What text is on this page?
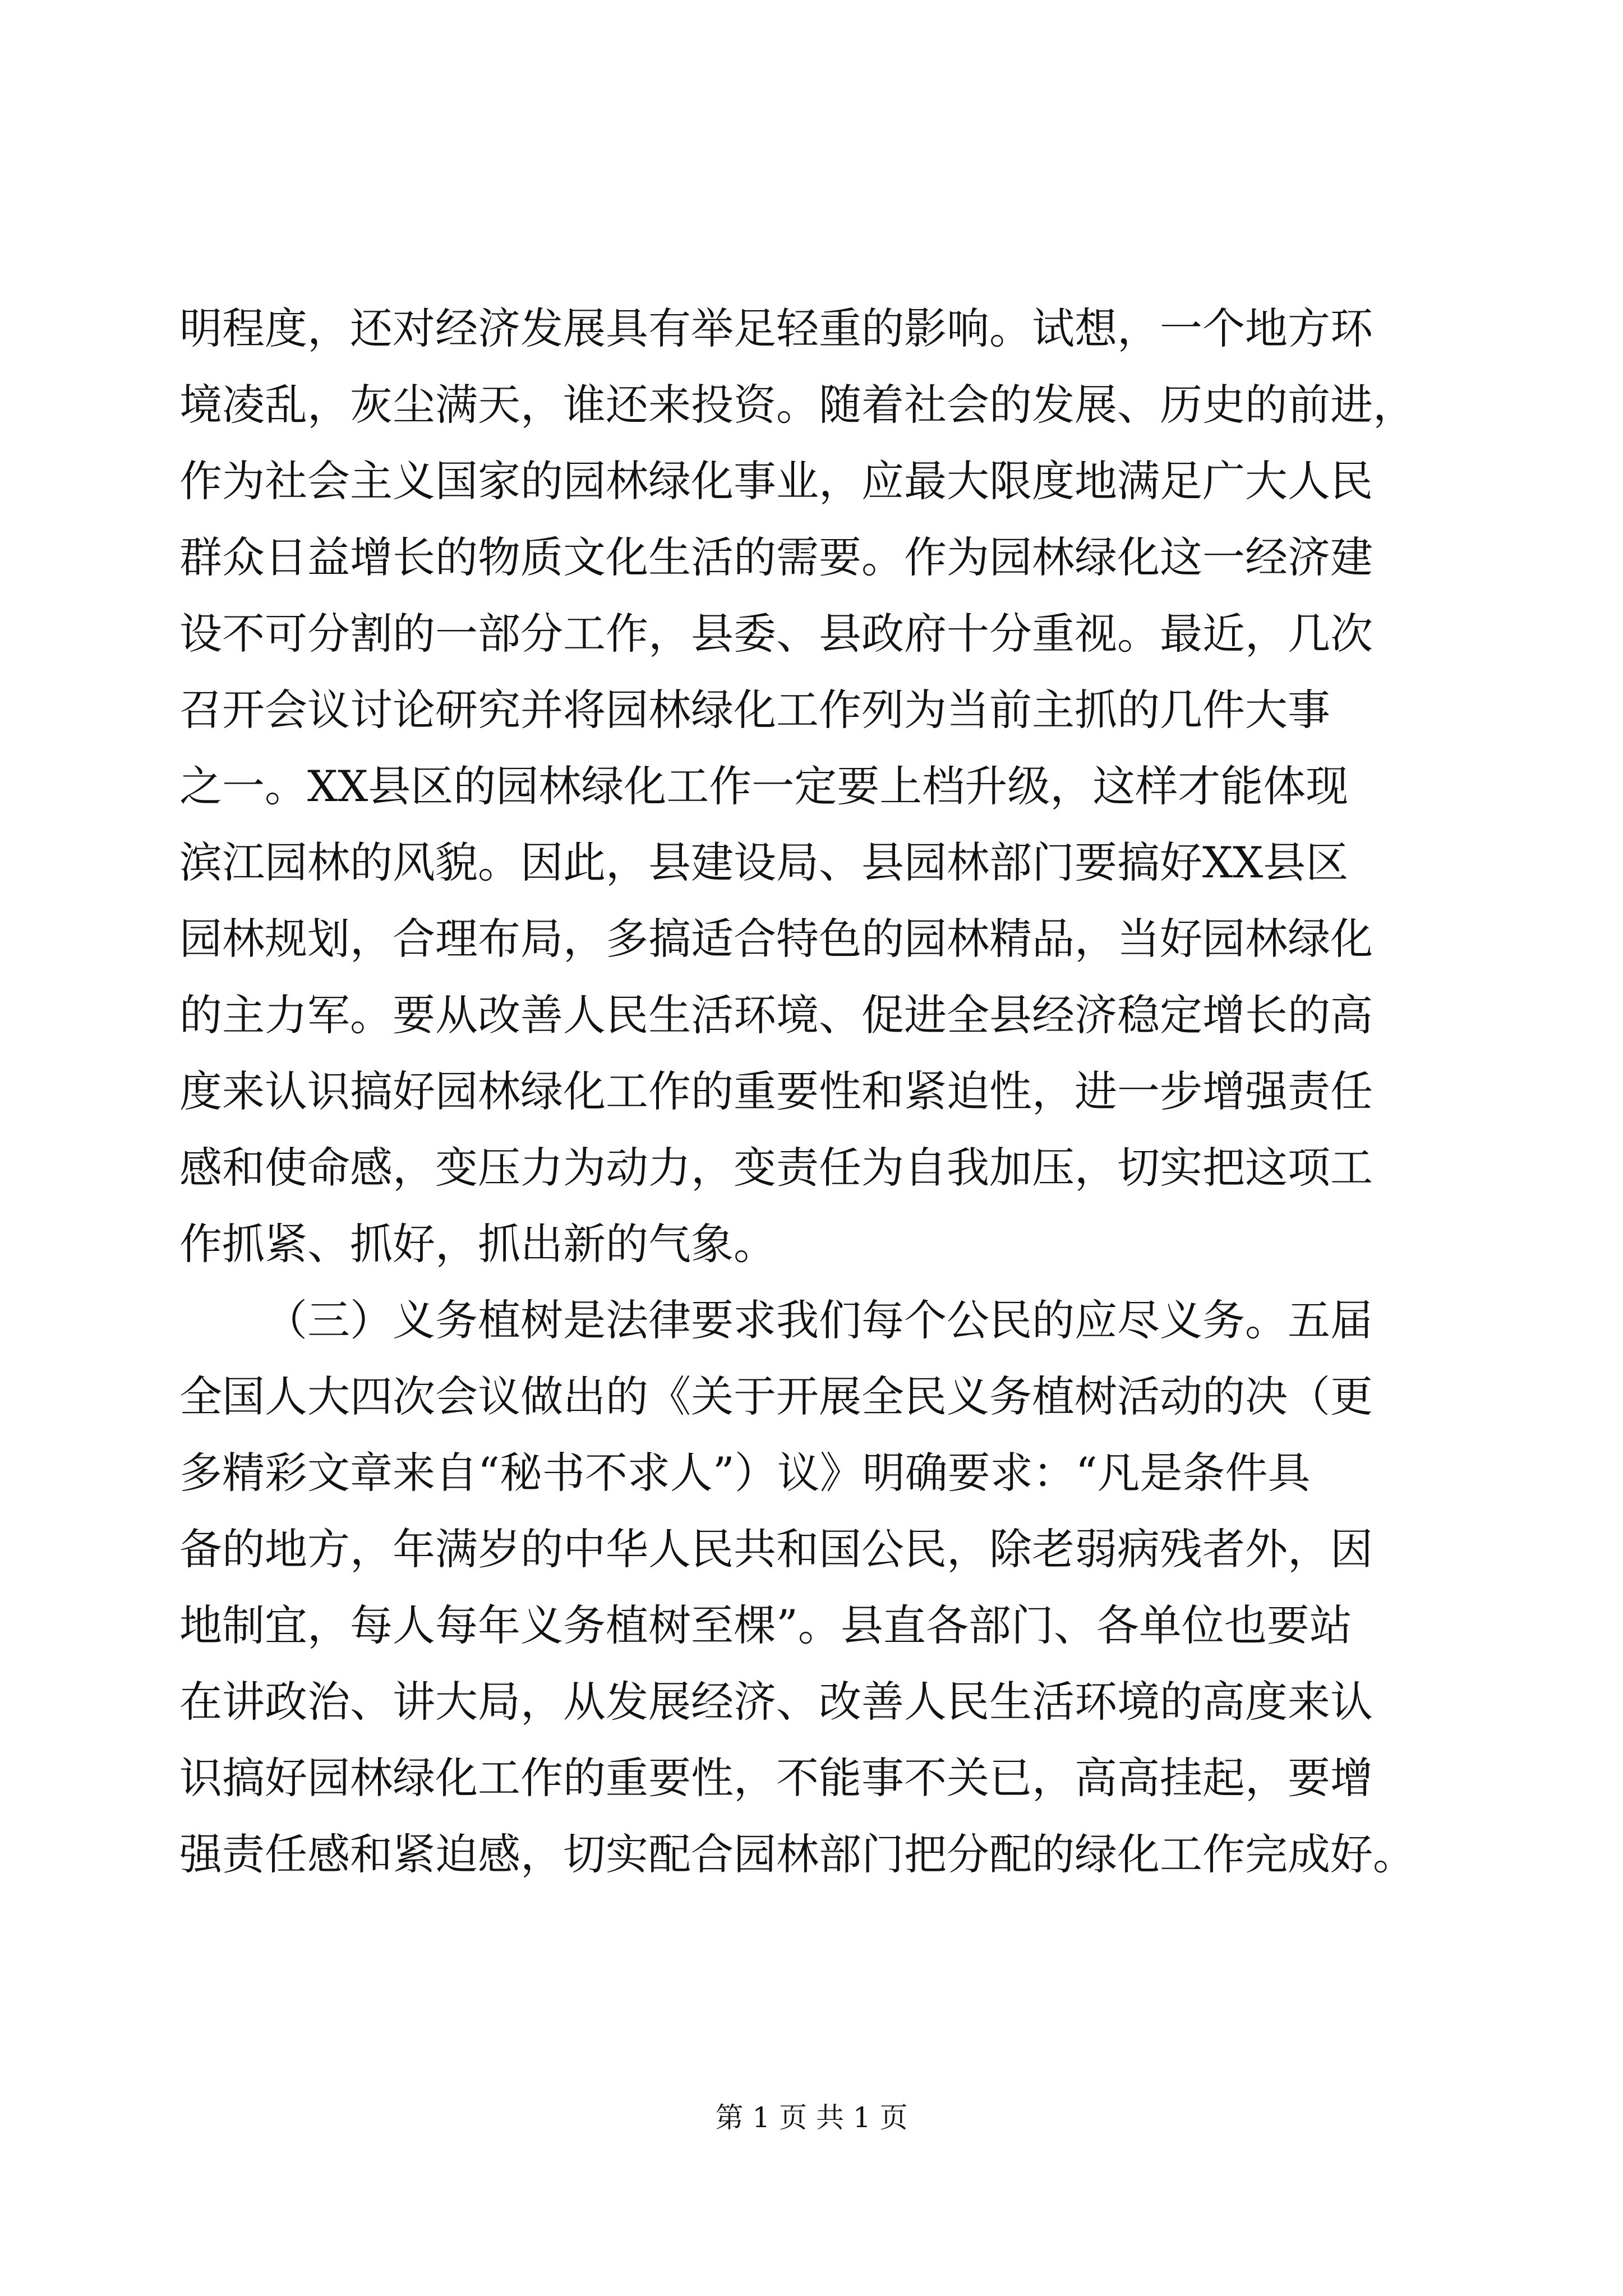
明程度，还对经济发展具有举足轻重的影响。试想，一个地方环
境凌乱，灰尘满天，谁还来投资。随着社会的发展、历史的前进，
作为社会主义国家的园林绿化事业，应最大限度地满足广大人民
群众日益增长的物质文化生活的需要。作为园林绿化这一经济建
设不可分割的一部分工作，县委、县政府十分重视。最近，几次
召开会议讨论研究并将园林绿化工作列为当前主抓的几件大事
之一。XX县区的园林绿化工作一定要上档升级，这样才能体现
滨江园林的风貌。因此，县建设局、县园林部门要搞好XX县区
园林规划，合理布局，多搞适合特色的园林精品，当好园林绿化
的主力军。要从改善人民生活环境、促进全县经济稳定增长的高
度来认识搞好园林绿化工作的重要性和紧迫性，进一步增强责任
感和使命感，变压力为动力，变责任为自我加压，切实把这项工
作抓紧、抓好，抓出新的气象。
（三）义务植树是法律要求我们每个公民的应尽义务。五届
全国人大四次会议做出的《关于开展全民义务植树活动的决（更
多精彩文章来自“秘书不求人”）议》明确要求：“凡是条件具
备的地方，年满岁的中华人民共和国公民，除老弱病残者外，因
地制宜，每人每年义务植树至棵”。县直各部门、各单位也要站
在讲政治、讲大局，从发展经济、改善人民生活环境的高度来认
识搞好园林绿化工作的重要性，不能事不关已，高高挂起，要增
强责任感和紧迫感，切实配合园林部门把分配的绿化工作完成好。
第 1 页 共 1 页
